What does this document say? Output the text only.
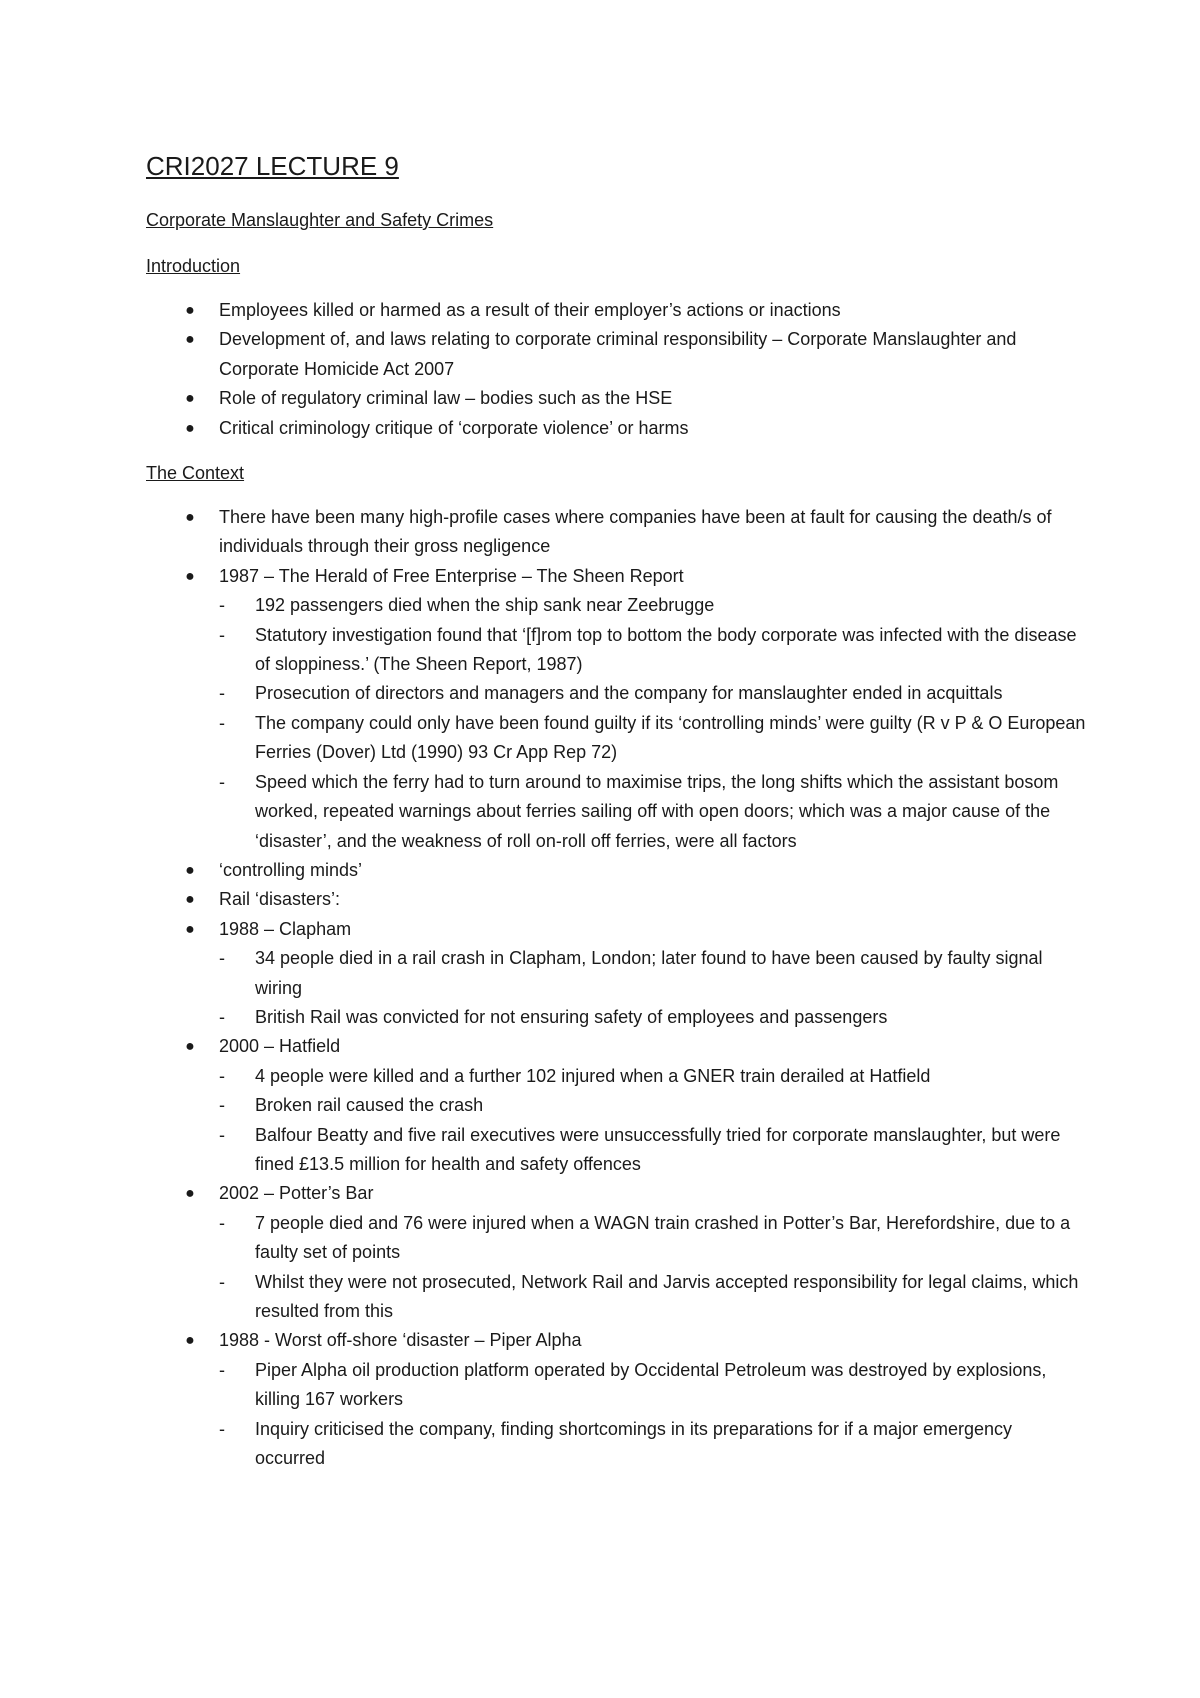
CRI2027 LECTURE 9
Corporate Manslaughter and Safety Crimes
Introduction
● Employees killed or harmed as a result of their employer’s actions or inactions
● Development of, and laws relating to corporate criminal responsibility – Corporate Manslaughter and Corporate Homicide Act 2007
● Role of regulatory criminal law – bodies such as the HSE
● Critical criminology critique of ‘corporate violence’ or harms
The Context
● There have been many high-profile cases where companies have been at fault for causing the death/s of individuals through their gross negligence
● 1987 – The Herald of Free Enterprise – The Sheen Report
- 192 passengers died when the ship sank near Zeebrugge
- Statutory investigation found that ‘[f]rom top to bottom the body corporate was infected with the disease of sloppiness.’ (The Sheen Report, 1987)
- Prosecution of directors and managers and the company for manslaughter ended in acquittals
- The company could only have been found guilty if its ‘controlling minds’ were guilty (R v P & O European Ferries (Dover) Ltd (1990) 93 Cr App Rep 72)
- Speed which the ferry had to turn around to maximise trips, the long shifts which the assistant bosom worked, repeated warnings about ferries sailing off with open doors; which was a major cause of the ‘disaster’, and the weakness of roll on-roll off ferries, were all factors
● ‘controlling minds’
● Rail ‘disasters’:
● 1988 – Clapham
- 34 people died in a rail crash in Clapham, London; later found to have been caused by faulty signal wiring
- British Rail was convicted for not ensuring safety of employees and passengers
● 2000 – Hatfield
- 4 people were killed and a further 102 injured when a GNER train derailed at Hatfield
- Broken rail caused the crash
- Balfour Beatty and five rail executives were unsuccessfully tried for corporate manslaughter, but were fined £13.5 million for health and safety offences
● 2002 – Potter’s Bar
- 7 people died and 76 were injured when a WAGN train crashed in Potter’s Bar, Herefordshire, due to a faulty set of points
- Whilst they were not prosecuted, Network Rail and Jarvis accepted responsibility for legal claims, which resulted from this
● 1988 - Worst off-shore ‘disaster – Piper Alpha
- Piper Alpha oil production platform operated by Occidental Petroleum was destroyed by explosions, killing 167 workers
- Inquiry criticised the company, finding shortcomings in its preparations for if a major emergency occurred
